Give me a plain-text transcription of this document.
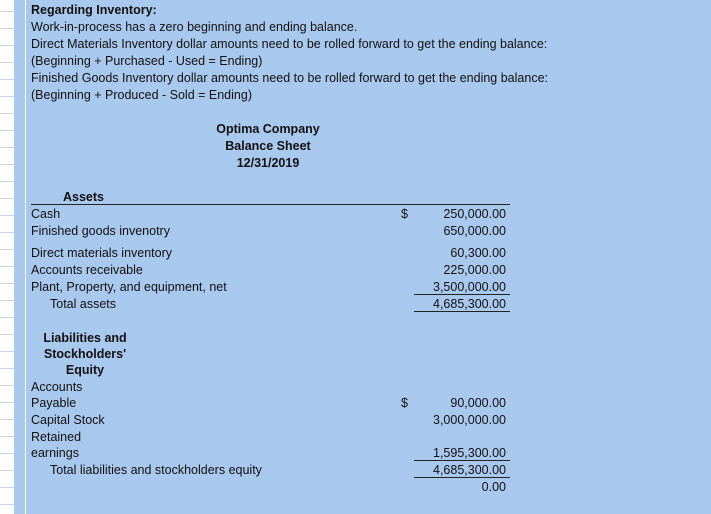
Regarding Inventory:
Work-in-process has a zero beginning and ending balance.
Direct Materials Inventory dollar amounts need to be rolled forward to get the ending balance:
(Beginning + Purchased - Used = Ending)
Finished Goods Inventory dollar amounts need to be rolled forward to get the ending balance:
(Beginning + Produced - Sold = Ending)
Optima Company
Balance Sheet
12/31/2019
Assets
Cash	$	250,000.00
Finished goods invenotry	650,000.00
Direct materials inventory	60,300.00
Accounts receivable	225,000.00
Plant, Property, and equipment, net	3,500,000.00
Total assets	4,685,300.00
Liabilities and
Stockholders'
Equity
Accounts
Payable	$	90,000.00
Capital Stock	3,000,000.00
Retained
earnings	1,595,300.00
Total liabilities and stockholders equity	4,685,300.00
0.00
